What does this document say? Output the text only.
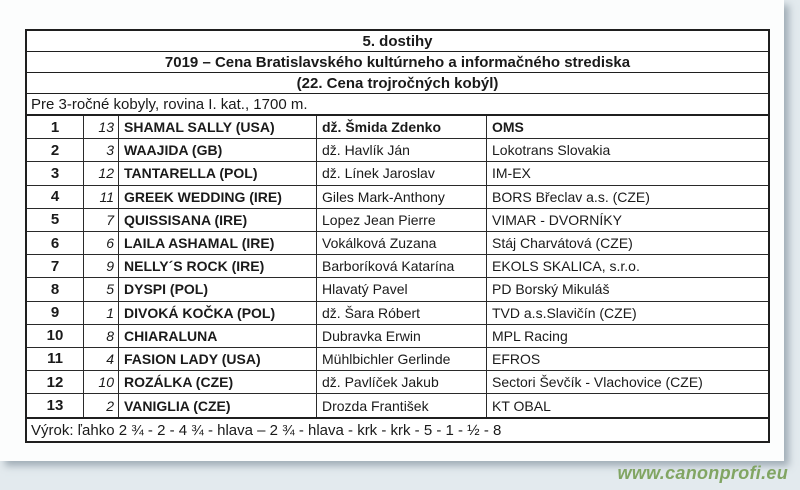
5. dostihy
7019 – Cena Bratislavského kultúrneho a informačného strediska
(22. Cena trojročných kobýl)
Pre 3-ročné kobyly, rovina I. kat., 1700 m.
1	13 SHAMAL SALLY (USA)	dž. Šmida Zdenko	OMS
2	3 WAAJIDA (GB)	dž. Havlík Ján	Lokotrans Slovakia
3	12 TANTARELLA (POL)	dž. Línek Jaroslav	IM-EX
4	11 GREEK WEDDING (IRE)	Giles Mark-Anthony	BORS Břeclav a.s. (CZE)
5	7 QUISSISANA (IRE)	Lopez Jean Pierre	VIMAR - DVORNÍKY
6	6 LAILA ASHAMAL (IRE)	Vokálková Zuzana	Stáj Charvátová (CZE)
7	9 NELLY´S ROCK (IRE)	Barboríková Katarína	EKOLS SKALICA, s.r.o.
8	5 DYSPI (POL)	Hlavatý Pavel	PD Borský Mikuláš
9	1 DIVOKÁ KOČKA (POL)	dž. Šara Róbert	TVD a.s.Slavičín (CZE)
10	8 CHIARALUNA	Dubravka Erwin	MPL Racing
11	4 FASION LADY (USA)	Mühlbichler Gerlinde	EFROS
12	10 ROZÁLKA (CZE)	dž. Pavlíček Jakub	Sectori Ševčík - Vlachovice (CZE)
13	2 VANIGLIA (CZE)	Drozda František	KT OBAL
Výrok: ľahko 2 ¾ - 2 - 4 ¾ - hlava – 2 ¾ - hlava - krk - krk - 5 - 1 - ½ - 8
www.canonprofi.eu
